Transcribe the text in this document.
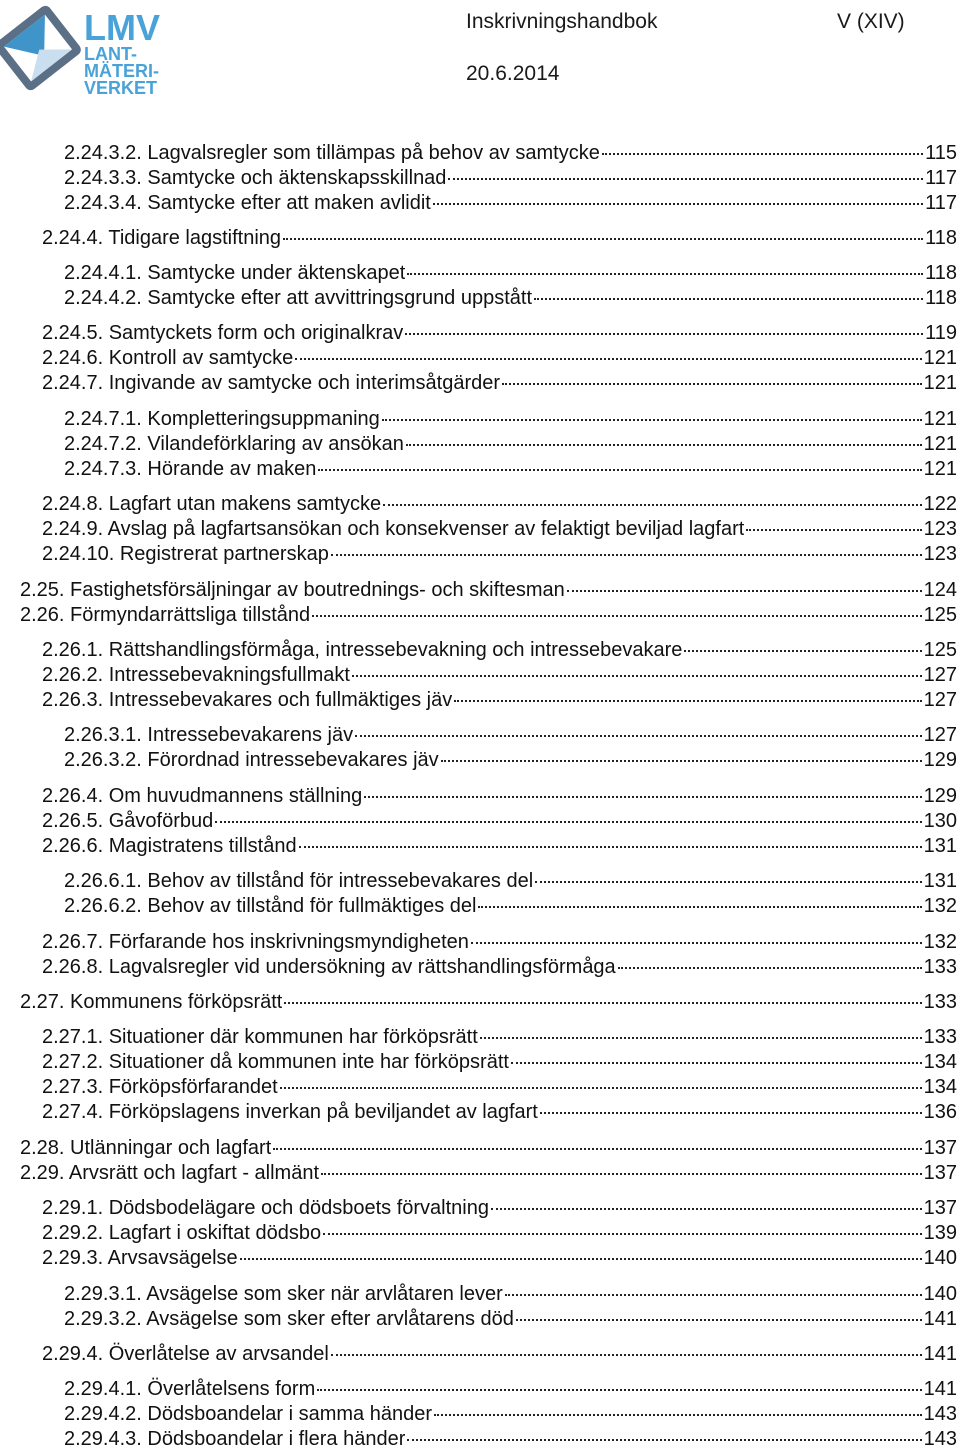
LMV
LANT-
MÄTERI-
VERKET
Inskrivningshandbok	V (XIV)
20.6.2014
2.24.3.2. Lagvalsregler som tillämpas på behov av samtycke	115
2.24.3.3. Samtycke och äktenskapsskillnad	117
2.24.3.4. Samtycke efter att maken avlidit	117
2.24.4. Tidigare lagstiftning	118
2.24.4.1. Samtycke under äktenskapet	118
2.24.4.2. Samtycke efter att avvittringsgrund uppstått	118
2.24.5. Samtyckets form och originalkrav	119
2.24.6. Kontroll av samtycke	121
2.24.7. Ingivande av samtycke och interimsåtgärder	121
2.24.7.1. Kompletteringsuppmaning	121
2.24.7.2. Vilandeförklaring av ansökan	121
2.24.7.3. Hörande av maken	121
2.24.8. Lagfart utan makens samtycke	122
2.24.9. Avslag på lagfartsansökan och konsekvenser av felaktigt beviljad lagfart	123
2.24.10. Registrerat partnerskap	123
2.25. Fastighetsförsäljningar av boutrednings- och skiftesman	124
2.26. Förmyndarrättsliga tillstånd	125
2.26.1. Rättshandlingsförmåga, intressebevakning och intressebevakare	125
2.26.2. Intressebevakningsfullmakt	127
2.26.3. Intressebevakares och fullmäktiges jäv	127
2.26.3.1. Intressebevakarens jäv	127
2.26.3.2. Förordnad intressebevakares jäv	129
2.26.4. Om huvudmannens ställning	129
2.26.5. Gåvoförbud	130
2.26.6. Magistratens tillstånd	131
2.26.6.1. Behov av tillstånd för intressebevakares del	131
2.26.6.2. Behov av tillstånd för fullmäktiges del	132
2.26.7. Förfarande hos inskrivningsmyndigheten	132
2.26.8. Lagvalsregler vid undersökning av rättshandlingsförmåga	133
2.27. Kommunens förköpsrätt	133
2.27.1. Situationer där kommunen har förköpsrätt	133
2.27.2. Situationer då kommunen inte har förköpsrätt	134
2.27.3. Förköpsförfarandet	134
2.27.4. Förköpslagens inverkan på beviljandet av lagfart	136
2.28. Utlänningar och lagfart	137
2.29. Arvsrätt och lagfart - allmänt	137
2.29.1. Dödsbodelägare och dödsboets förvaltning	137
2.29.2. Lagfart i oskiftat dödsbo	139
2.29.3. Arvsavsägelse	140
2.29.3.1. Avsägelse som sker när arvlåtaren lever	140
2.29.3.2. Avsägelse som sker efter arvlåtarens död	141
2.29.4. Överlåtelse av arvsandel	141
2.29.4.1. Överlåtelsens form	141
2.29.4.2. Dödsboandelar i samma händer	143
2.29.4.3. Dödsboandelar i flera händer	143
